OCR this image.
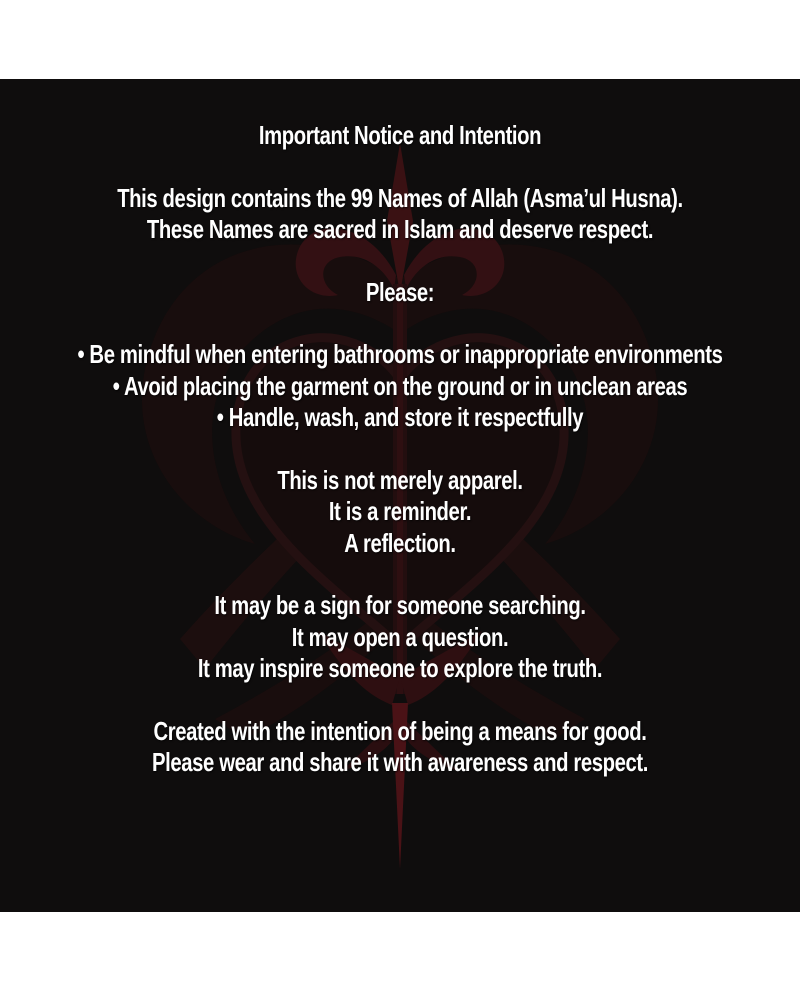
Important Notice and Intention

This design contains the 99 Names of Allah (Asma’ul Husna).
These Names are sacred in Islam and deserve respect.

Please:

• Be mindful when entering bathrooms or inappropriate environments
• Avoid placing the garment on the ground or in unclean areas
• Handle, wash, and store it respectfully

This is not merely apparel.
It is a reminder.
A reflection.

It may be a sign for someone searching.
It may open a question.
It may inspire someone to explore the truth.

Created with the intention of being a means for good.
Please wear and share it with awareness and respect.
